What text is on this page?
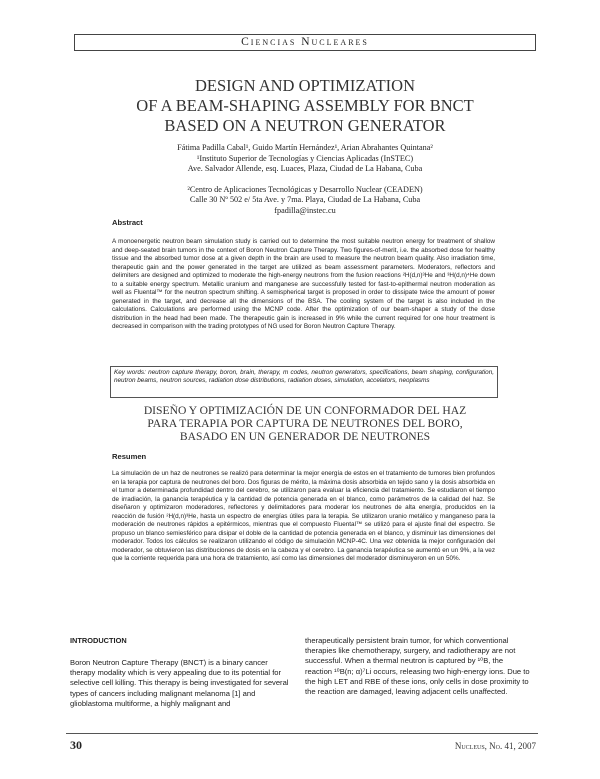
Ciencias Nucleares
DESIGN AND OPTIMIZATION
OF A BEAM-SHAPING ASSEMBLY FOR BNCT
BASED ON A NEUTRON GENERATOR

Fátima Padilla Cabal¹, Guido Martín Hernández¹, Arian Abrahantes Quintana²

¹Instituto Superior de Tecnologías y Ciencias Aplicadas (InSTEC)

Ave. Salvador Allende, esq. Luaces, Plaza, Ciudad de La Habana, Cuba

²Centro de Aplicaciones Tecnológicas y Desarrollo Nuclear (CEADEN)

Calle 30 Nº 502 e/ 5ta Ave. y 7ma. Playa, Ciudad de La Habana, Cuba

fpadilla@instec.cu

Abstract
A monoenergetic neutron beam simulation study is carried out to determine the most suitable neutron energy for treatment of shallow and deep-seated brain tumors in the context of Boron Neutron Capture Therapy. Two figures-of-merit, i.e. the absorbed dose for healthy tissue and the absorbed tumor dose at a given depth in the brain are used to measure the neutron beam quality. Also irradiation time, therapeutic gain and the power generated in the target are utilized as beam assessment parameters. Moderators, reflectors and delimiters are designed and optimized to moderate the high-energy neutrons from the fusion reactions ²H(d,n)³He and ³H(d,n)⁴He down to a suitable energy spectrum. Metallic uranium and manganese are successfully tested for fast-to-epithermal neutron moderation as well as Fluental™ for the neutron spectrum shifting. A semispherical target is proposed in order to dissipate twice the amount of power generated in the target, and decrease all the dimensions of the BSA. The cooling system of the target is also included in the calculations. Calculations are performed using the MCNP code. After the optimization of our beam-shaper a study of the dose distribution in the head had been made. The therapeutic gain is increased in 9% while the current required for one hour treatment is decreased in comparison with the trading prototypes of NG used for Boron Neutron Capture Therapy.
Key words: neutron capture therapy, boron, brain, therapy, m codes, neutron generators, specifications, beam shaping, configuration, neutron beams, neutron sources, radiation dose distributions, radiation doses, simulation, accelators, neoplasms
DISEÑO Y OPTIMIZACIÓN DE UN CONFORMADOR DEL HAZ
PARA TERAPIA POR CAPTURA DE NEUTRONES DEL BORO,
BASADO EN UN GENERADOR DE NEUTRONES
Resumen
La simulación de un haz de neutrones se realizó para determinar la mejor energía de estos en el tratamiento de tumores bien profundos en la terapia por captura de neutrones del boro. Dos figuras de mérito, la máxima dosis absorbida en tejido sano y la dosis absorbida en el tumor a determinada profundidad dentro del cerebro, se utilizaron para evaluar la eficiencia del tratamiento. Se estudiaron el tiempo de irradiación, la ganancia terapéutica y la cantidad de potencia generada en el blanco, como parámetros de la calidad del haz. Se diseñaron y optimizaron moderadores, reflectores y delimitadores para moderar los neutrones de alta energía, producidos en la reacción de fusión ²H(d,n)³He, hasta un espectro de energías útiles para la terapia. Se utilizaron uranio metálico y manganeso para la moderación de neutrones rápidos a epitérmicos, mientras que el compuesto Fluental™ se utilizó para el ajuste final del espectro. Se propuso un blanco semiesférico para disipar el doble de la cantidad de potencia generada en el blanco, y disminuir las dimensiones del moderador. Todos los cálculos se realizaron utilizando el código de simulación MCNP-4C. Una vez obtenida la mejor configuración del moderador, se obtuvieron las distribuciones de dosis en la cabeza y el cerebro. La ganancia terapéutica se aumentó en un 9%, a la vez que la corriente requerida para una hora de tratamiento, así como las dimensiones del moderador disminuyeron en un 50%.
INTRODUCTION
Boron Neutron Capture Therapy (BNCT) is a binary cancer therapy modality which is very appealing due to its potential for selective cell killing. This therapy is being investigated for several types of cancers including malignant melanoma [1] and glioblastoma multiforme, a highly malignant and
therapeutically persistent brain tumor, for which conventional therapies like chemotherapy, surgery, and radiotherapy are not successful. When a thermal neutron is captured by ¹⁰B, the reaction ¹⁰B(n; α)⁷Li occurs, releasing two high-energy ions. Due to the high LET and RBE of these ions, only cells in dose proximity to the reaction are damaged, leaving adjacent cells unaffected.
30	Nucleus, No. 41, 2007
